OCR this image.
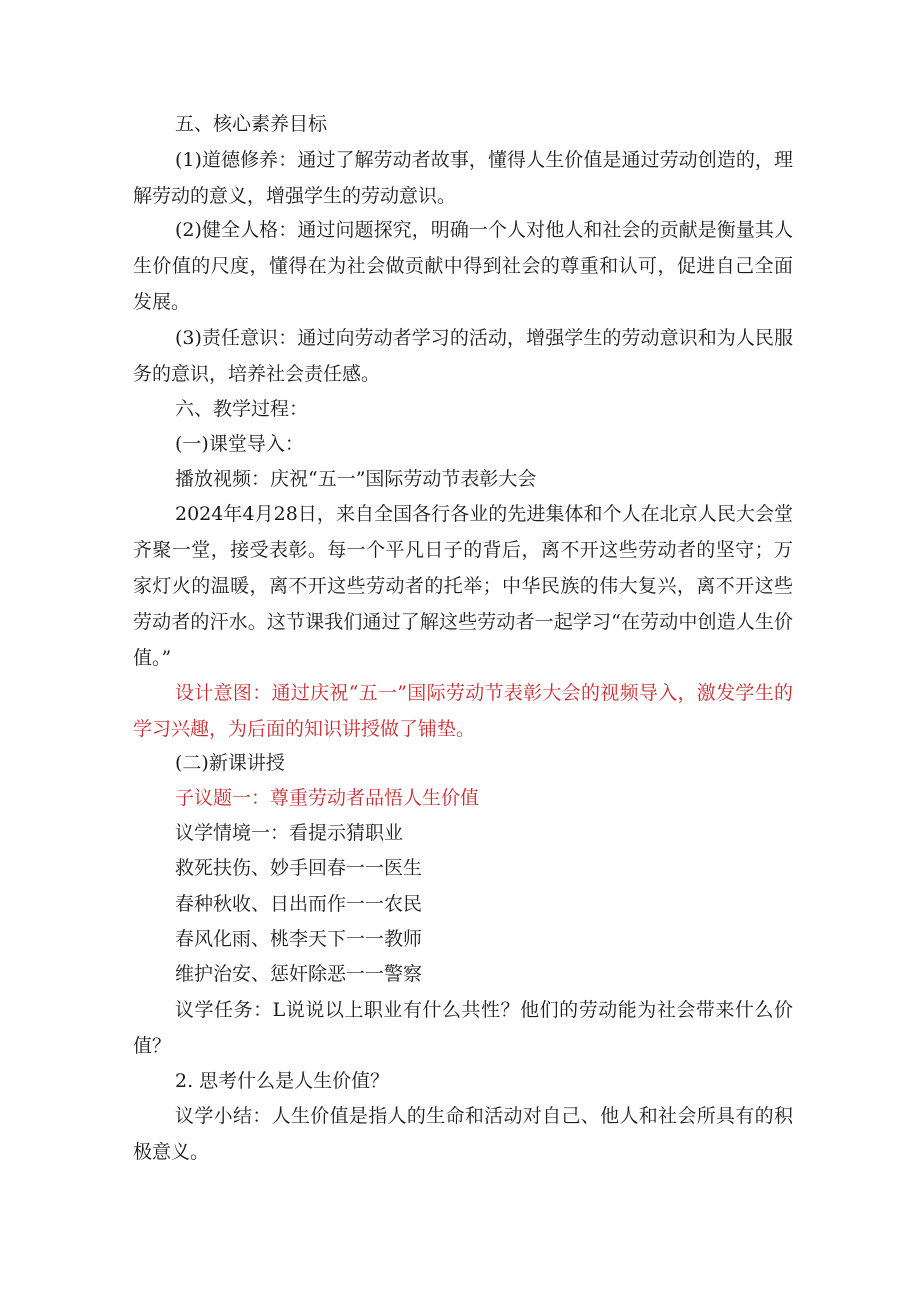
五、核心素养目标

(1)道德修养：通过了解劳动者故事，懂得人生价值是通过劳动创造的，理解劳动的意义，增强学生的劳动意识。

(2)健全人格：通过问题探究，明确一个人对他人和社会的贡献是衡量其人生价值的尺度，懂得在为社会做贡献中得到社会的尊重和认可，促进自己全面发展。

(3)责任意识：通过向劳动者学习的活动，增强学生的劳动意识和为人民服务的意识，培养社会责任感。

六、教学过程：

(一)课堂导入：

播放视频：庆祝“五一”国际劳动节表彰大会

2024年4月28日，来自全国各行各业的先进集体和个人在北京人民大会堂齐聚一堂，接受表彰。每一个平凡日子的背后，离不开这些劳动者的坚守；万家灯火的温暖，离不开这些劳动者的托举；中华民族的伟大复兴，离不开这些劳动者的汗水。这节课我们通过了解这些劳动者一起学习“在劳动中创造人生价值。”

设计意图：通过庆祝“五一”国际劳动节表彰大会的视频导入，激发学生的学习兴趣，为后面的知识讲授做了铺垫。

(二)新课讲授

子议题一：尊重劳动者品悟人生价值

议学情境一：看提示猜职业

救死扶伤、妙手回春一一医生

春种秋收、日出而作一一农民

春风化雨、桃李天下一一教师

维护治安、惩奸除恶一一警察

议学任务：L说说以上职业有什么共性？他们的劳动能为社会带来什么价值？

2. 思考什么是人生价值？

议学小结：人生价值是指人的生命和活动对自己、他人和社会所具有的积极意义。
